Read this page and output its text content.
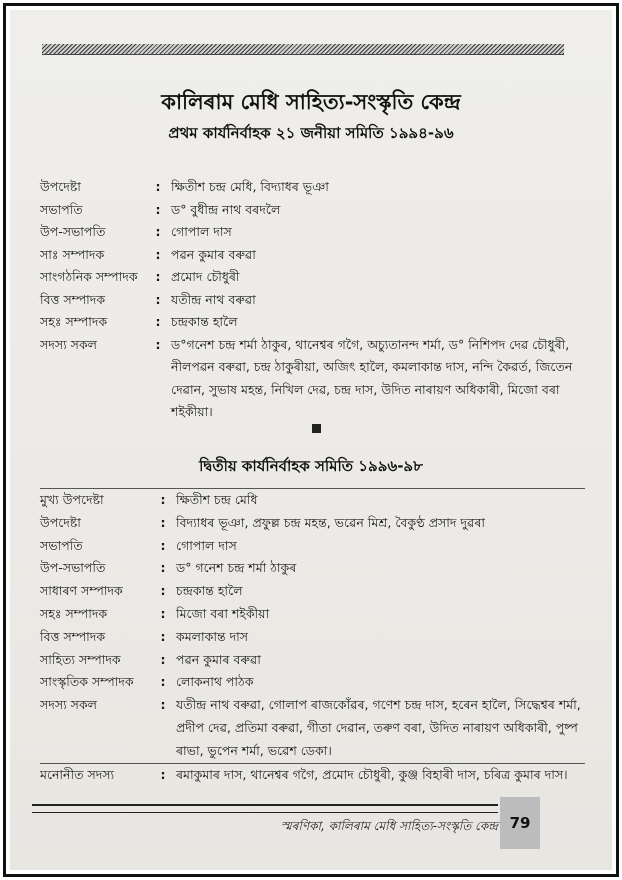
কালিৰাম মেধি সাহিত্য-সংস্কৃতি কেন্দ্ৰ
প্ৰথম কাৰ্যনিৰ্বাহক ২১ জনীয়া সমিতি ১৯৯৪-৯৬
উপদেষ্টা	: ক্ষিতীশ চন্দ্ৰ মেধি, বিদ্যাধৰ ভূঞা
সভাপতি	: ড° বুধীন্দ্ৰ নাথ বৰদলৈ
উপ-সভাপতি	: গোপাল দাস
সাঃ সম্পাদক	: পৱন কুমাৰ বৰুৱা
সাংগঠনিক সম্পাদক	: প্ৰমোদ চৌধুৰী
বিত্ত সম্পাদক	: যতীন্দ্ৰ নাথ বৰুৱা
সহঃ সম্পাদক	: চন্দ্ৰকান্ত হালৈ
সদস্য সকল	: ড°গনেশ চন্দ্ৰ শৰ্মা ঠাকুৰ, থানেশ্বৰ গগৈ, অচ্যুতানন্দ শৰ্মা, ড° নিশিপদ দেৱ চৌধুৰী, নীলপৱন বৰুৱা, চন্দ্ৰ ঠাকুৰীয়া, অজিৎ হালৈ, কমলাকান্ত দাস, নন্দি কৈৱৰ্ত, জিতেন দেৱান, সুভাষ মহন্ত, নিখিল দেৱ, চন্দ্ৰ দাস, উদিত নাৰায়ণ অধিকাৰী, মিজো বৰা শইকীয়া।
দ্বিতীয় কাৰ্যনিৰ্বাহক সমিতি ১৯৯৬-৯৮
মুখ্য উপদেষ্টা	: ক্ষিতীশ চন্দ্ৰ মেধি
উপদেষ্টা	: বিদ্যাধৰ ভূঞা, প্ৰফুল্ল চন্দ্ৰ মহন্ত, ভৱেন মিশ্ৰ, বৈকুণ্ঠ প্ৰসাদ দুৱৰা
সভাপতি	: গোপাল দাস
উপ-সভাপতি	: ড° গনেশ চন্দ্ৰ শৰ্মা ঠাকুৰ
সাধাৰণ সম্পাদক	: চন্দ্ৰকান্ত হালৈ
সহঃ সম্পাদক	: মিজো বৰা শইকীয়া
বিত্ত সম্পাদক	: কমলাকান্ত দাস
সাহিত্য সম্পাদক	: পৱন কুমাৰ বৰুৱা
সাংস্কৃতিক সম্পাদক	: লোকনাথ পাঠক
সদস্য সকল	: যতীন্দ্ৰ নাথ বৰুৱা, গোলাপ ৰাজকোঁৱৰ, গণেশ চন্দ্ৰ দাস, হৰেন হালৈ, সিদ্ধেশ্বৰ শৰ্মা, প্ৰদীপ দেৱ, প্ৰতিমা বৰুৱা, গীতা দেৱান, তৰুণ বৰা, উদিত নাৰায়ণ অধিকাৰী, পুষ্প ৰাভা, ভুপেন শৰ্মা, ভৱেশ ডেকা।
মনোনীত সদস্য	: ৰমাকুমাৰ দাস, থানেশ্বৰ গগৈ, প্ৰমোদ চৌধুৰী, কুঞ্জ বিহাৰী দাস, চৰিত্ৰ কুমাৰ দাস।
স্মৰণিকা, কালিৰাম মেধি সাহিত্য-সংস্কৃতি কেন্দ্ৰ 79
